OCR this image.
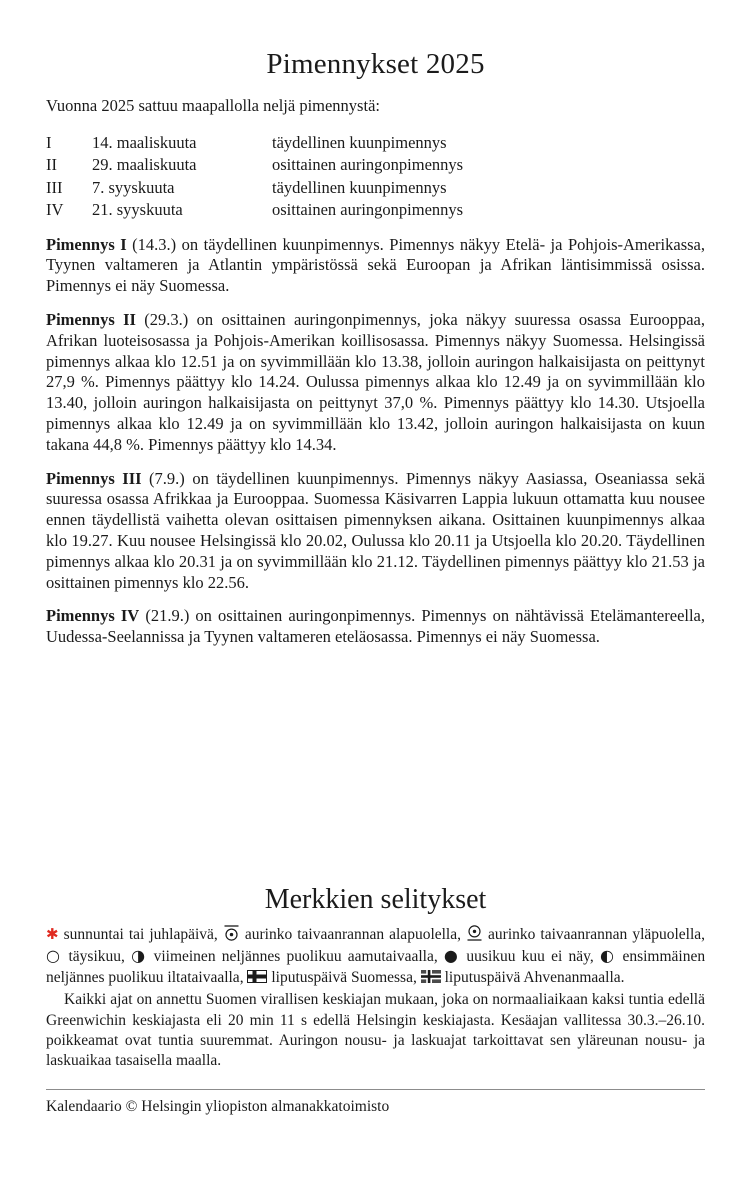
Pimennykset 2025

Vuonna 2025 sattuu maapallolla neljä pimennystä:

I	14. maaliskuuta	täydellinen kuunpimennys
II	29. maaliskuuta	osittainen auringonpimennys
III	7. syyskuuta	täydellinen kuunpimennys
IV	21. syyskuuta	osittainen auringonpimennys

Pimennys I (14.3.) on täydellinen kuunpimennys. Pimennys näkyy Etelä- ja Pohjois-Amerikassa, Tyynen valtameren ja Atlantin ympäristössä sekä Euroopan ja Afrikan läntisimmissä osissa. Pimennys ei näy Suomessa.

Pimennys II (29.3.) on osittainen auringonpimennys, joka näkyy suuressa osassa Eurooppaa, Afrikan luoteisosassa ja Pohjois-Amerikan koillisosassa. Pimennys näkyy Suomessa. Helsingissä pimennys alkaa klo 12.51 ja on syvimmillään klo 13.38, jolloin auringon halkaisijasta on peittynyt 27,9 %. Pimennys päättyy klo 14.24. Oulussa pimennys alkaa klo 12.49 ja on syvimmillään klo 13.40, jolloin auringon halkaisijasta on peittynyt 37,0 %. Pimennys päättyy klo 14.30. Utsjoella pimennys alkaa klo 12.49 ja on syvimmillään klo 13.42, jolloin auringon halkaisijasta on kuun takana 44,8 %. Pimennys päättyy klo 14.34.

Pimennys III (7.9.) on täydellinen kuunpimennys. Pimennys näkyy Aasiassa, Oseaniassa sekä suuressa osassa Afrikkaa ja Eurooppaa. Suomessa Käsivarren Lappia lukuun ottamatta kuu nousee ennen täydellistä vaihetta olevan osittaisen pimennyksen aikana. Osittainen kuunpimennys alkaa klo 19.27. Kuu nousee Helsingissä klo 20.02, Oulussa klo 20.11 ja Utsjoella klo 20.20. Täydellinen pimennys alkaa klo 20.31 ja on syvimmillään klo 21.12. Täydellinen pimennys päättyy klo 21.53 ja osittainen pimennys klo 22.56.

Pimennys IV (21.9.) on osittainen auringonpimennys. Pimennys on nähtävissä Etelämantereella, Uudessa-Seelannissa ja Tyynen valtameren eteläosassa. Pimennys ei näy Suomessa.

Merkkien selitykset

✱ sunnuntai tai juhlapäivä, aurinko taivaanrannan alapuolella, aurinko taivaanrannan yläpuolella, ○ täysikuu, ◑ viimeinen neljännes puolikuu aamutaivaalla, ● uusikuu kuu ei näy, ◐ ensimmäinen neljännes puolikuu iltataivaalla, liputuspäivä Suomessa, liputuspäivä Ahvenanmaalla.

Kaikki ajat on annettu Suomen virallisen keskiajan mukaan, joka on normaaliaikaan kaksi tuntia edellä Greenwichin keskiajasta eli 20 min 11 s edellä Helsingin keskiajasta. Kesäajan vallitessa 30.3.–26.10. poikkeamat ovat tuntia suuremmat. Auringon nousu- ja laskuajat tarkoittavat sen yläreunan nousu- ja laskuaikaa tasaisella maalla.

Kalendaario © Helsingin yliopiston almanakkatoimisto
